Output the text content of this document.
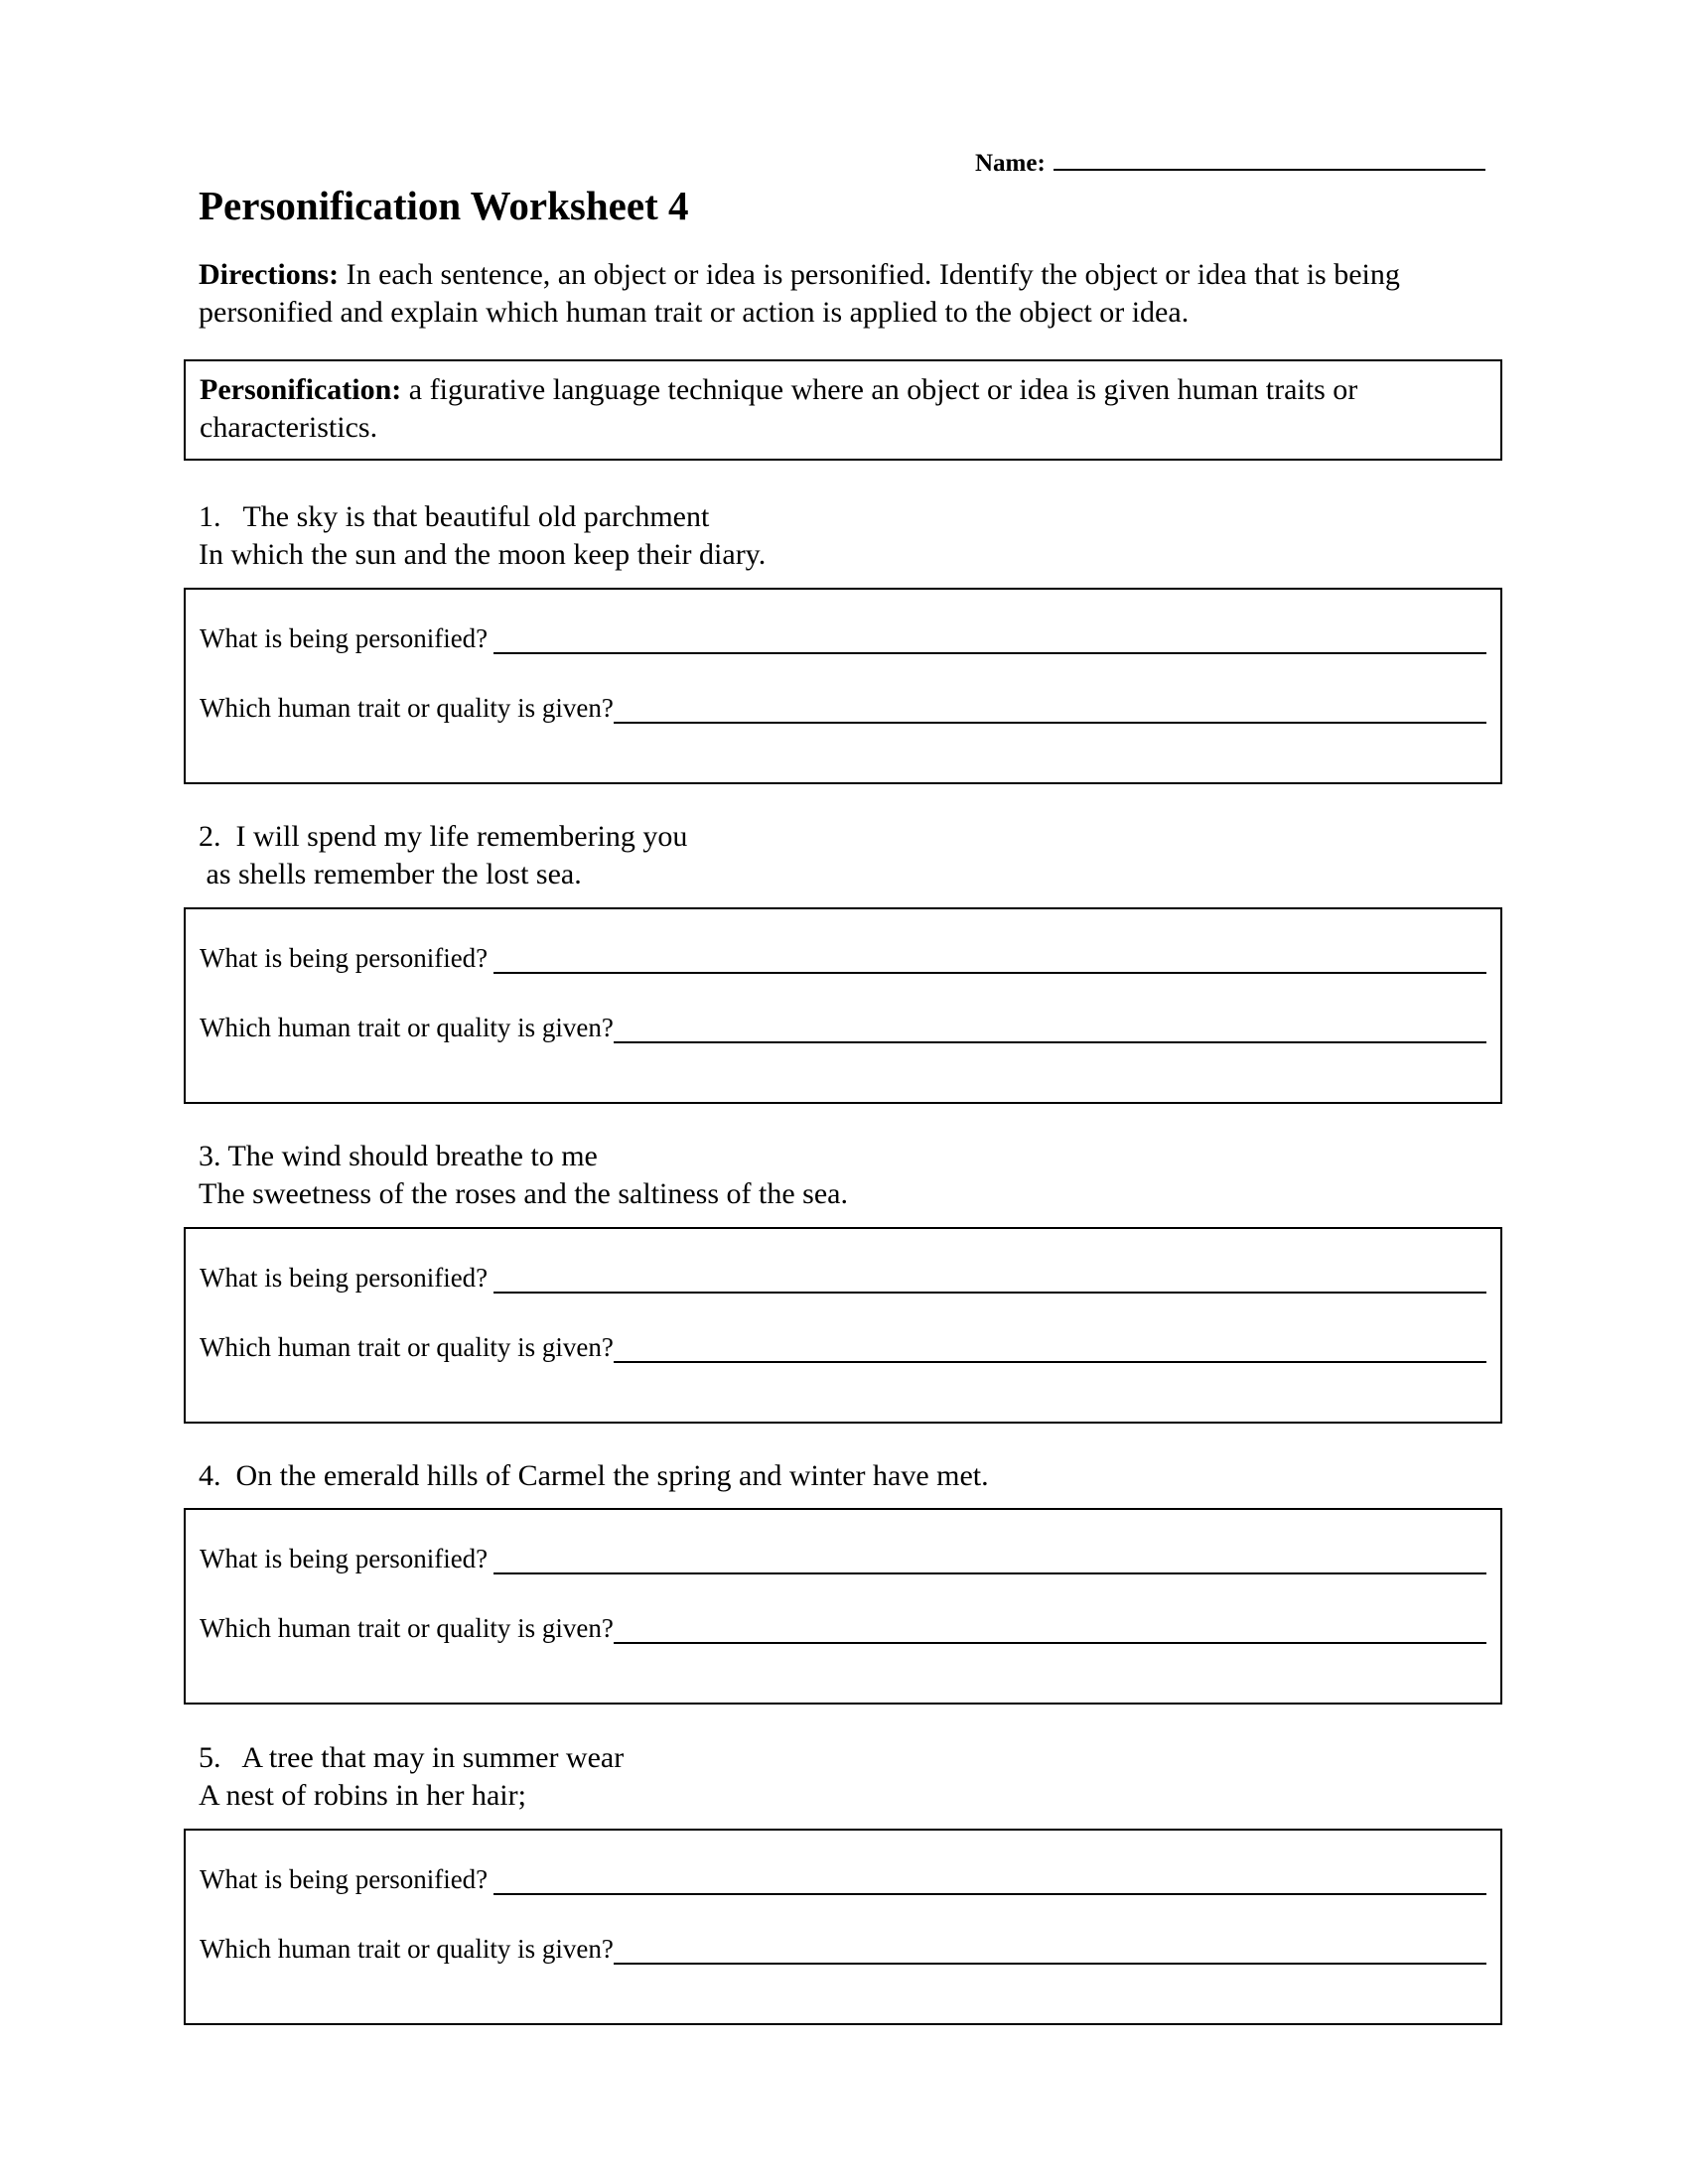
Name:
Personification Worksheet 4
Directions: In each sentence, an object or idea is personified. Identify the object or idea that is being personified and explain which human trait or action is applied to the object or idea.
Personification: a figurative language technique where an object or idea is given human traits or characteristics.
1.   The sky is that beautiful old parchment
In which the sun and the moon keep their diary.
What is being personified?
Which human trait or quality is given?
2.  I will spend my life remembering you
as shells remember the lost sea.
What is being personified?
Which human trait or quality is given?
3. The wind should breathe to me
The sweetness of the roses and the saltiness of the sea.
What is being personified?
Which human trait or quality is given?
4.  On the emerald hills of Carmel the spring and winter have met.
What is being personified?
Which human trait or quality is given?
5.   A tree that may in summer wear
A nest of robins in her hair;
What is being personified?
Which human trait or quality is given?
